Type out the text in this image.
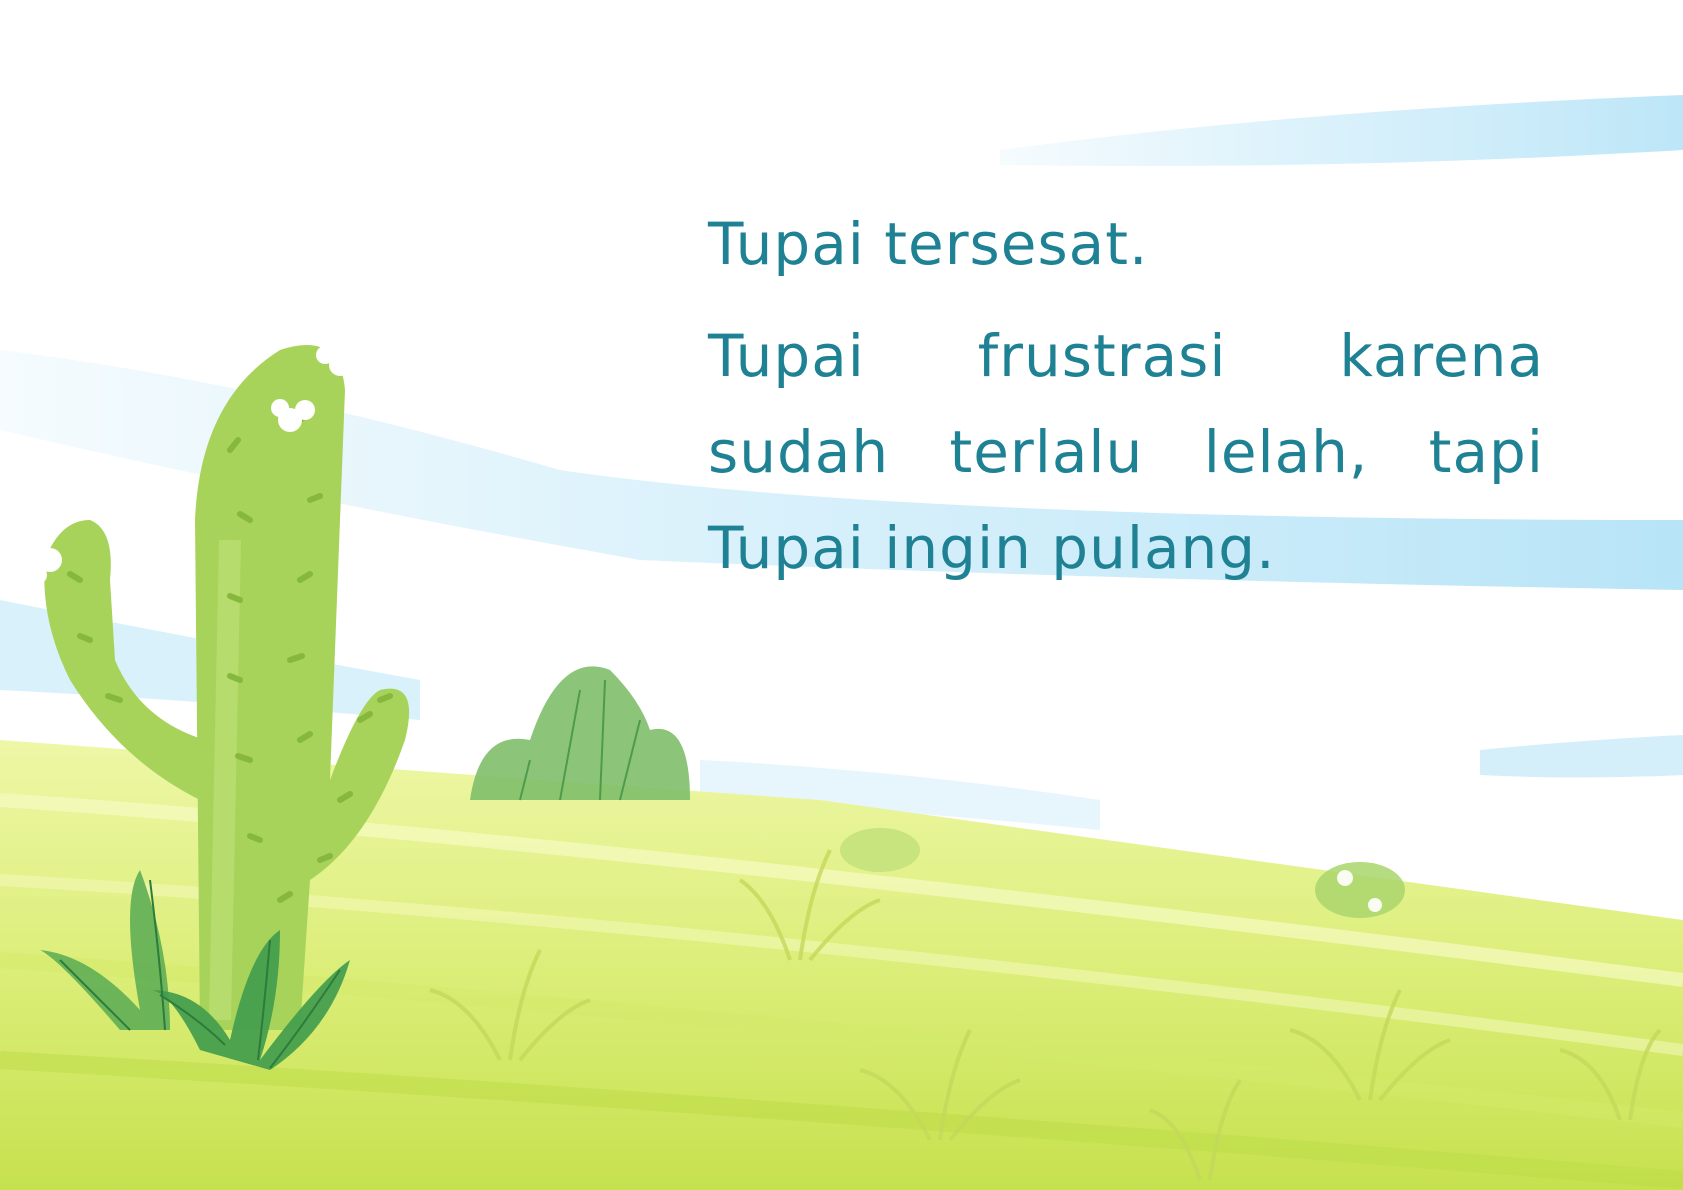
Tupai tersesat.

Tupai frustrasi karena sudah terlalu lelah, tapi Tupai ingin pulang.
